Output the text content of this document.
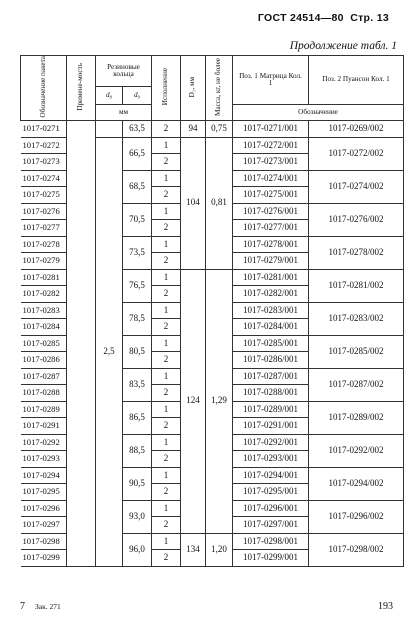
ГОСТ 24514—80 Стр. 13
Продолжение табл. 1
Обозначение пакета	Примене-мость	Резиновые кольца		Исполнение	D₁, мм	Масса, кг, не более	Поз. 1 Матрица Кол. 1	Поз. 2 Пуансон Кол. 1
		d₈	d₉					
		мм					Обозначение	
1017-0271			63,5	2	94	0,75	1017-0271/001	1017-0269/002
1017-0272		2,5	66,5	1	104	0,81	1017-0272/001	1017-0272/002
1017-0273				2			1017-0273/001	
1017-0274			68,5	1			1017-0274/001	1017-0274/002
1017-0275				2			1017-0275/001	
1017-0276			70,5	1			1017-0276/001	1017-0276/002
1017-0277				2			1017-0277/001	
1017-0278			73,5	1			1017-0278/001	1017-0278/002
1017-0279				2			1017-0279/001	
1017-0281			76,5	1	124	1,29	1017-0281/001	1017-0281/002
1017-0282				2			1017-0282/001	
1017-0283			78,5	1			1017-0283/001	1017-0283/002
1017-0284				2			1017-0284/001	
1017-0285			80,5	1			1017-0285/001	1017-0285/002
1017-0286				2			1017-0286/001	
1017-0287			83,5	1			1017-0287/001	1017-0287/002
1017-0288				2			1017-0288/001	
1017-0289			86,5	1			1017-0289/001	1017-0289/002
1017-0291				2			1017-0291/001	
1017-0292			88,5	1			1017-0292/001	1017-0292/002
1017-0293				2			1017-0293/001	
1017-0294			90,5	1			1017-0294/001	1017-0294/002
1017-0295				2			1017-0295/001	
1017-0296			93,0	1			1017-0296/001	1017-0296/002
1017-0297				2			1017-0297/001	
1017-0298			96,0	1	134	1,20	1017-0298/001	1017-0298/002
1017-0299				2			1017-0299/001	
7 Зак. 271	193
